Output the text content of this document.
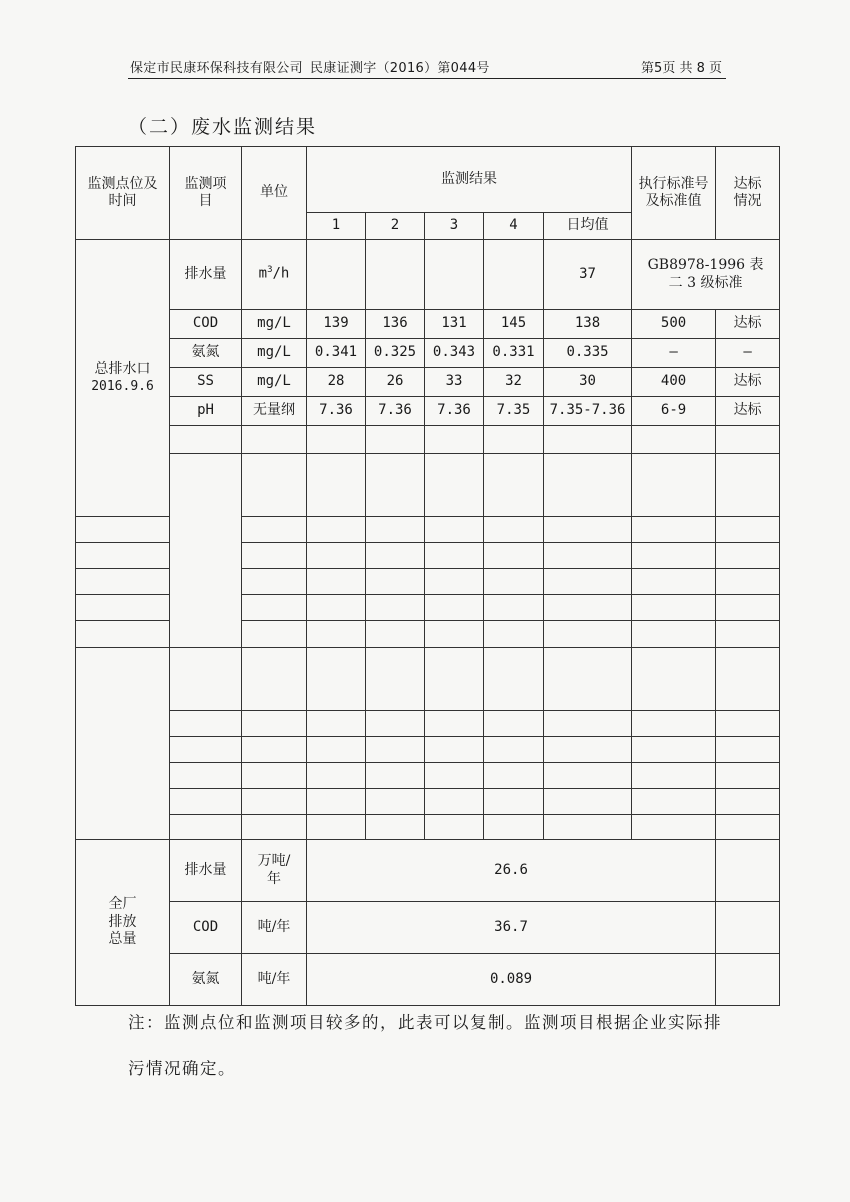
保定市民康环保科技有限公司 民康证测字（2016）第044号	第5页 共 8 页
（二）废水监测结果
监测点位及时间	监测项目	单位	监测结果					执行标准号及标准值	达标情况	
			1	2	3	4	日均值			

总排水口
2016.9.6	排水量	$m^3/h$					37	GB8978-1996 表二 3 级标准		
	COD	mg/L	139	136	131	145	138	500	达标	
	氨氮	mg/L	0.341	0.325	0.343	0.331	0.335	–	–	
	SS	mg/L	28	26	33	32	30	400	达标	
	pH	无量纲	7.36	7.36	7.36	7.35	7.35-7.36	6-9	达标	

全厂排放总量	排水量	万吨/年	26.6							
	COD	吨/年	36.7							
	氨氮	吨/年	0.089							
注：监测点位和监测项目较多的，此表可以复制。监测项目根据企业实际排污情况确定。
